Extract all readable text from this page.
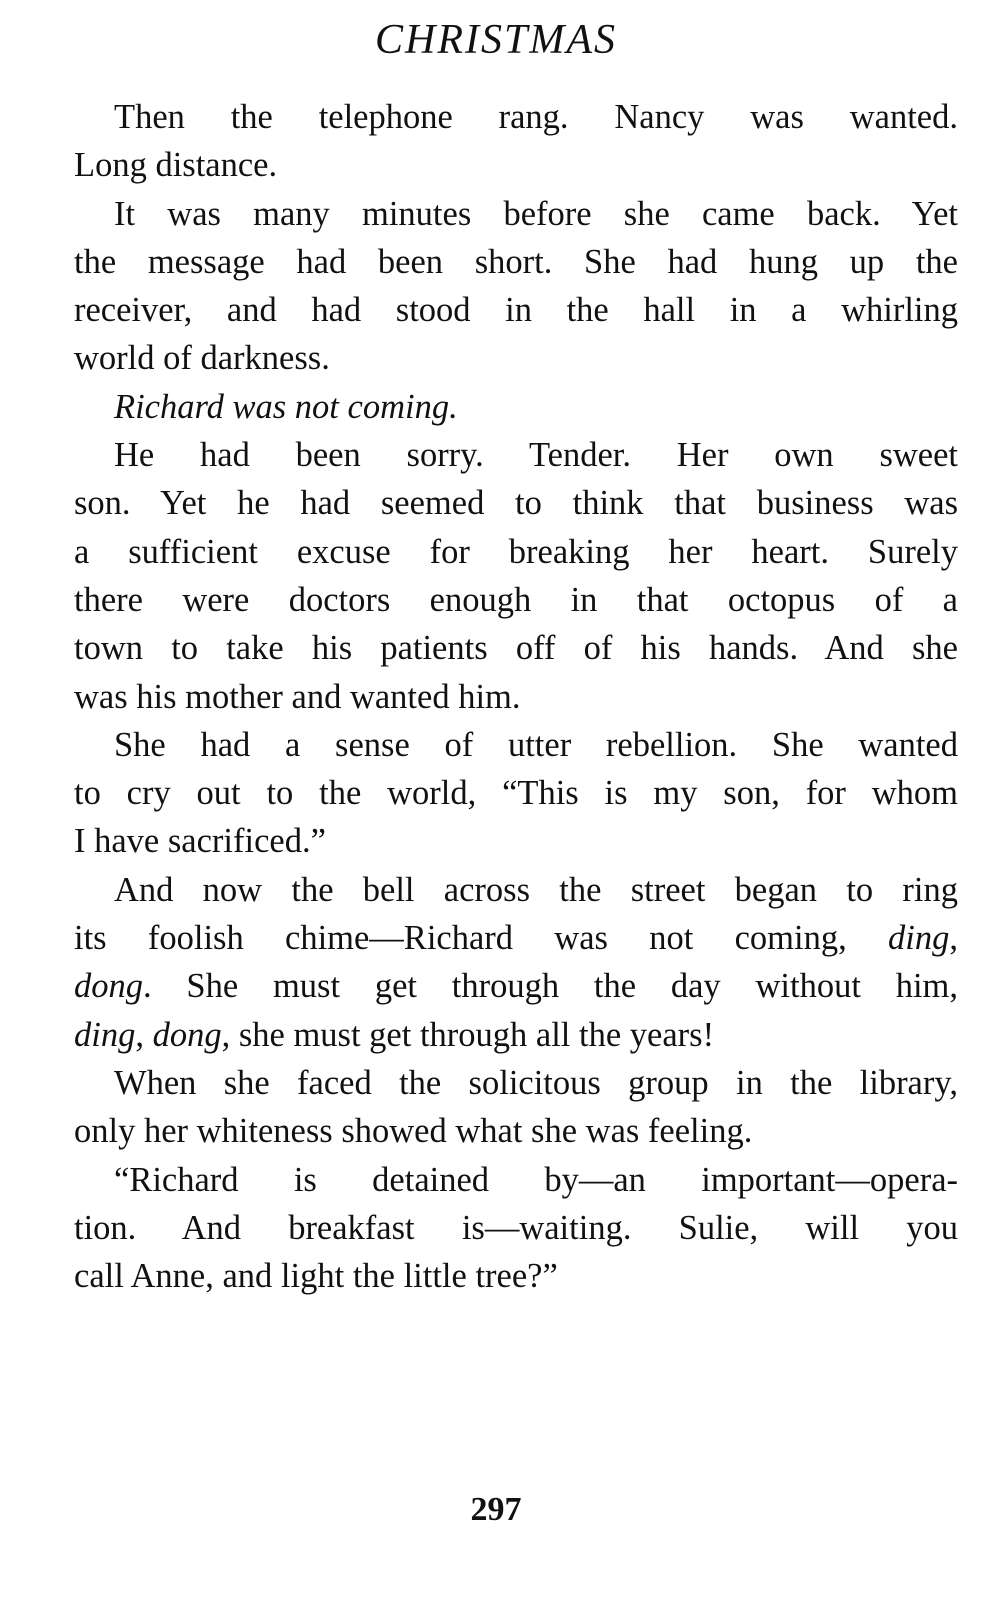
CHRISTMAS

Then the telephone rang. Nancy was wanted.
Long distance.

It was many minutes before she came back. Yet
the message had been short. She had hung up the
receiver, and had stood in the hall in a whirling
world of darkness.

Richard was not coming.

He had been sorry. Tender. Her own sweet
son. Yet he had seemed to think that business was
a sufficient excuse for breaking her heart. Surely
there were doctors enough in that octopus of a
town to take his patients off of his hands. And she
was his mother and wanted him.

She had a sense of utter rebellion. She wanted
to cry out to the world, “This is my son, for whom
I have sacrificed.”

And now the bell across the street began to ring
its foolish chime—Richard was not coming, ding,
dong. She must get through the day without him,
ding, dong, she must get through all the years!

When she faced the solicitous group in the library,
only her whiteness showed what she was feeling.

“Richard is detained by—an important—opera-
tion. And breakfast is—waiting. Sulie, will you
call Anne, and light the little tree?”

297
